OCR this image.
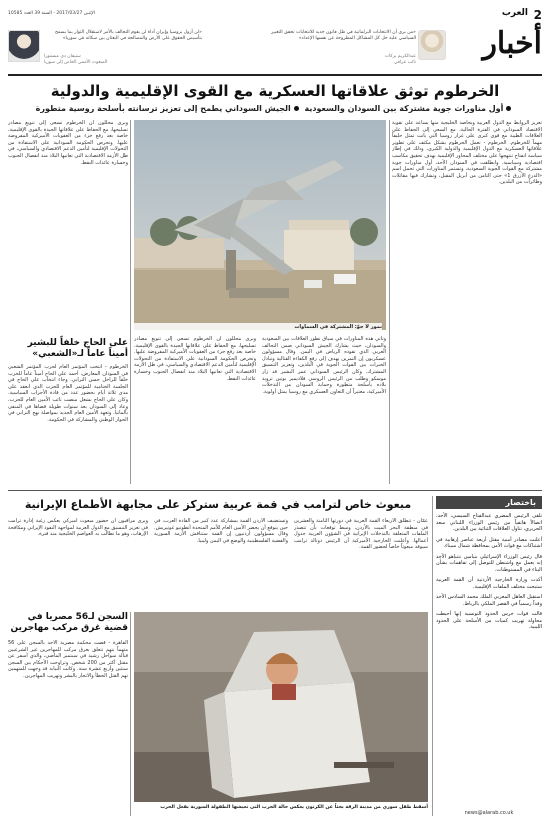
2
العرب
الإثنين 2017/03/27 - السنة 39 العدد 10585
أخبار
«من يرى أن الانتخابات البرلمانية في ظل قانون جديد للانتخابات تحقق التغيير السياسي عليه حل كل المشاكل المطروحة عن نفسها الإعداد»
عبدالكريم بركات
نائب عراقي
«لن أزول بروسيا وإيران أداة لن يقوم التحالف بالأمر لاستقلال الثوار بما يسمح بتأسيس الحقوق على الأرض والمصالحة في البعثان بين سكانه في سوريا»
ستيفان دي ميستورا
المبعوث الأممي الخاص إلى سوريا
الخرطوم توثق علاقاتها العسكرية مع القوى الإقليمية والدولية
أول مناورات جوية مشتركة بين السودان والسعودية الجيش السوداني يطمح إلى تعزيز ترسانته بأسلحة روسية متطورة
تعزيز الروابط مع الدول العربية وبخاصة الخليجية منها يساعد على تقوية الاقتصاد السوداني في الفترة الحالية، مع السعي إلى الحفاظ على العلاقات الطيبة مع قوى كبرى على غرار روسيا التي باتت تمثل حليفاً مهماً للخرطوم. الخرطوم - تعمل الخرطوم بشكل مكثف على تطوير علاقاتها العسكرية مع الدول الإقليمية والدولية الكبرى، وذلك في إطار سياسة انفتاح تنتهجها على مختلف المحاور الإقليمية بهدف تحقيق مكاسب اقتصادية وسياسية. وانطلقت في السودان الأحد، أول مناورات جوية مشتركة مع القوات الجوية السعودية، وتستمر المناورات التي تحمل اسم «الدرع الأزرق 1» حتى الثامن من أبريل المقبل، وتشارك فيها مقاتلات وطائرات من البلدين.
نمور لا جوّ: المشتركة في السماوات
وتأتي هذه المناورات في سياق تطور العلاقات بين السعودية والسودان، حيث يشارك الجيش السوداني ضمن التحالف العربي الذي تقوده الرياض في اليمن. وقال مسؤولون عسكريون إن التمرين يهدف إلى رفع الكفاءة القتالية وتبادل الخبرات بين القوات الجوية في البلدين، وتعزيز التنسيق المشترك. وكان الرئيس السوداني عمر البشير قد زار موسكو وطلب من الرئيس الروسي فلاديمير بوتين تزويد بلاده بأسلحة متطورة وحماية السودان من التدخلات الأميركية، معتبراً أن التعاون العسكري مع روسيا يمثل أولوية.
ويرى محللون أن الخرطوم تسعى إلى تنويع مصادر تسليحها، مع الحفاظ على علاقاتها الجيدة بالقوى الإقليمية، خاصة بعد رفع جزء من العقوبات الأميركية المفروضة عليها. وتحرص الحكومة السودانية على الاستفادة من التحولات الإقليمية لتأمين الدعم الاقتصادي والسياسي، في ظل الأزمة الاقتصادية التي تعانيها البلاد منذ انفصال الجنوب وخسارة عائدات النفط.
على الحاج خلفاً للبشير أميناً عاماً لـ«الشعبي»
الخرطوم - انتخب المؤتمر العام لحزب المؤتمر الشعبي في السودان المعارض، أحمد علي الحاج أميناً عاماً للحزب خلفاً للراحل حسن الترابي. وجاء انتخاب علي الحاج في الجلسة الختامية للمؤتمر العام للحزب الذي انعقد على مدى ثلاثة أيام بحضور عدد من قادة الأحزاب السياسية. وكان علي الحاج يشغل منصب نائب الأمين العام للحزب، وعاد إلى السودان بعد سنوات طويلة قضاها في المنفى بألمانيا. وتعهد الأمين العام الجديد بمواصلة نهج الترابي في الحوار الوطني والمشاركة في الحكومة.
ويرى محللون أن الخرطوم تسعى إلى تنويع مصادر تسليحها، مع الحفاظ على علاقاتها الجيدة بالقوى الإقليمية، خاصة بعد رفع جزء من العقوبات الأميركية المفروضة عليها. وتحرص الحكومة السودانية على الاستفادة من التحولات الإقليمية لتأمين الدعم الاقتصادي والسياسي، في ظل الأزمة الاقتصادية التي تعانيها البلاد منذ انفصال الجنوب وخسارة عائدات النفط.
باختصار
تلقى الرئيس المصري عبدالفتاح السيسي، الأحد، اتصالاً هاتفياً من رئيس الوزراء اللبناني سعد الحريري، تناول العلاقات الثنائية بين البلدين.
أعلنت مصادر أمنية مقتل أربعة عناصر إرهابية في اشتباكات مع قوات الأمن بمحافظة شمال سيناء.
قال رئيس الوزراء الإسرائيلي بنيامين نتنياهو الأحد إنه يعمل مع واشنطن للتوصل إلى تفاهمات بشأن البناء في المستوطنات.
أكدت وزارة الخارجية الأردنية أن القمة العربية ستبحث مختلف الملفات الإقليمية.
استقبل العاهل المغربي الملك محمد السادس الأحد وفداً رسمياً في القصر الملكي بالرباط.
قالت قوات حرس الحدود التونسية إنها أحبطت محاولة تهريب كميات من الأسلحة على الحدود الليبية.
news@alarab.co.uk
مبعوث خاص لترامب في قمة عربية ستركز على مجابهة الأطماع الإيرانية
عمّان - تنطلق الأربعاء القمة العربية في دورتها الثامنة والعشرين في منطقة البحر الميت بالأردن، وسط توقعات بأن تتصدر الملفات المتعلقة بالتدخلات الإيرانية في الشؤون العربية جدول أعمالها. وأعلنت الخارجية الأميركية أن الرئيس دونالد ترامب سيوفد مبعوثاً خاصاً لحضور القمة.
وتستضيف الأردن القمة بمشاركة عدد كبير من القادة العرب، في حين يتوقع أن يحضر الأمين العام للأمم المتحدة أنطونيو غوتيريش. وقال مسؤولون أردنيون إن القمة ستناقش الأزمة السورية والقضية الفلسطينية والوضع في اليمن وليبيا.
ويرى مراقبون أن حضور مبعوث أميركي يعكس رغبة إدارة ترامب في تعزيز التنسيق مع الدول العربية لمواجهة النفوذ الإيراني ومكافحة الإرهاب، وهو ما تطالب به العواصم الخليجية منذ فترة.
السجن لـ56 مصريا في قضية غرق مركب مهاجرين
القاهرة - قضت محكمة مصرية الأحد بالسجن على 56 متهماً بتهم تتعلق بغرق مركب للمهاجرين غير الشرعيين قبالة سواحل رشيد في سبتمبر الماضي، والذي أسفر عن مقتل أكثر من 200 شخص. وتراوحت الأحكام بين السجن سنتين وأربع عشرة سنة. وكانت النيابة قد وجهت للمتهمين تهم القتل الخطأ والاتجار بالبشر وتهريب المهاجرين.
أسقط طفل سوري من مدينة الرقة بحثاً عن الكرتون يعكس حالة الحرب التي تعيشها الطفولة السورية بفعل الحرب
